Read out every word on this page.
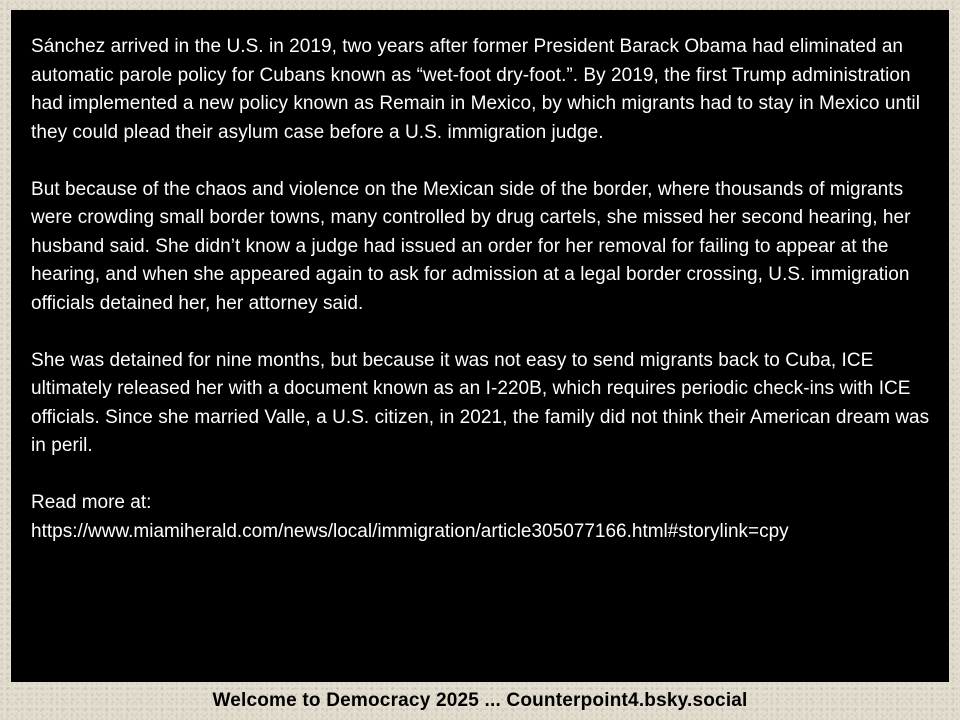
Sánchez arrived in the U.S. in 2019, two years after former President Barack Obama had eliminated an automatic parole policy for Cubans known as “wet-foot dry-foot.”. By 2019, the first Trump administration had implemented a new policy known as Remain in Mexico, by which migrants had to stay in Mexico until they could plead their asylum case before a U.S. immigration judge.

But because of the chaos and violence on the Mexican side of the border, where thousands of migrants were crowding small border towns, many controlled by drug cartels, she missed her second hearing, her husband said. She didn’t know a judge had issued an order for her removal for failing to appear at the hearing, and when she appeared again to ask for admission at a legal border crossing, U.S. immigration officials detained her, her attorney said.

She was detained for nine months, but because it was not easy to send migrants back to Cuba, ICE ultimately released her with a document known as an I-220B, which requires periodic check-ins with ICE officials. Since she married Valle, a U.S. citizen, in 2021, the family did not think their American dream was in peril.

Read more at:
https://www.miamiherald.com/news/local/immigration/article305077166.html#storylink=cpy

Welcome to Democracy 2025 ... Counterpoint4.bsky.social
